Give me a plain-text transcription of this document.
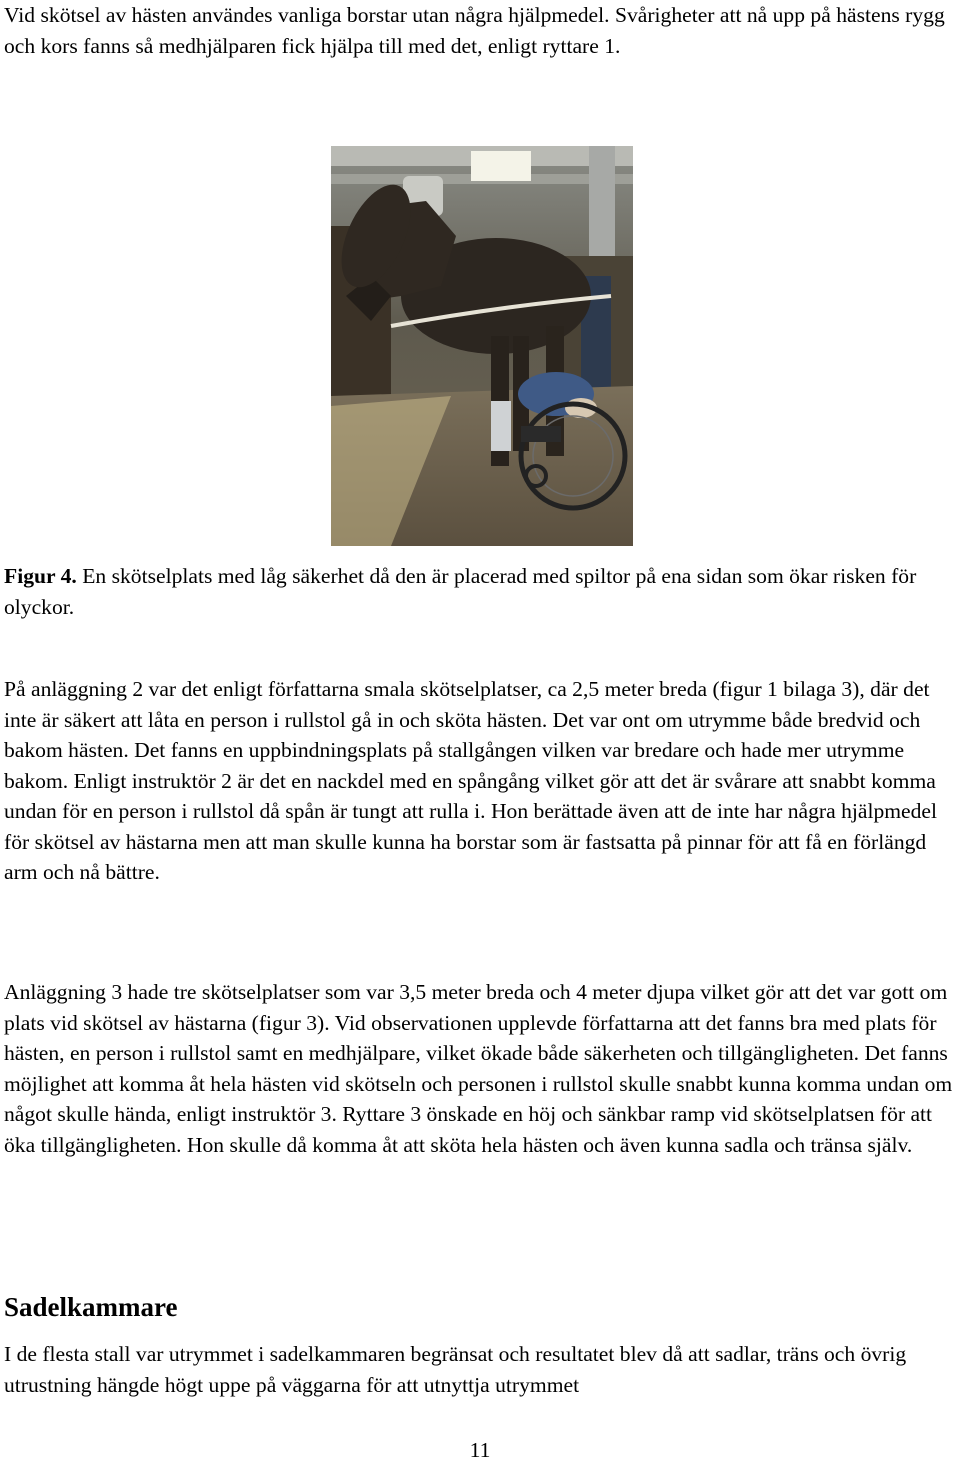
Vid skötsel av hästen användes vanliga borstar utan några hjälpmedel. Svårigheter att nå upp på hästens rygg och kors fanns så medhjälparen fick hjälpa till med det, enligt ryttare 1.

Figur 4. En skötselplats med låg säkerhet då den är placerad med spiltor på ena sidan som ökar risken för olyckor.

På anläggning 2 var det enligt författarna smala skötselplatser, ca 2,5 meter breda (figur 1 bilaga 3), där det inte är säkert att låta en person i rullstol gå in och sköta hästen. Det var ont om utrymme både bredvid och bakom hästen. Det fanns en uppbindningsplats på stallgången vilken var bredare och hade mer utrymme bakom. Enligt instruktör 2 är det en nackdel med en spångång vilket gör att det är svårare att snabbt komma undan för en person i rullstol då spån är tungt att rulla i. Hon berättade även att de inte har några hjälpmedel för skötsel av hästarna men att man skulle kunna ha borstar som är fastsatta på pinnar för att få en förlängd arm och nå bättre.

Anläggning 3 hade tre skötselplatser som var 3,5 meter breda och 4 meter djupa vilket gör att det var gott om plats vid skötsel av hästarna (figur 3). Vid observationen upplevde författarna att det fanns bra med plats för hästen, en person i rullstol samt en medhjälpare, vilket ökade både säkerheten och tillgängligheten. Det fanns möjlighet att komma åt hela hästen vid skötseln och personen i rullstol skulle snabbt kunna komma undan om något skulle hända, enligt instruktör 3. Ryttare 3 önskade en höj och sänkbar ramp vid skötselplatsen för att öka tillgängligheten. Hon skulle då komma åt att sköta hela hästen och även kunna sadla och tränsa själv.

Sadelkammare

I de flesta stall var utrymmet i sadelkammaren begränsat och resultatet blev då att sadlar, träns och övrig utrustning hängde högt uppe på väggarna för att utnyttja utrymmet

11
